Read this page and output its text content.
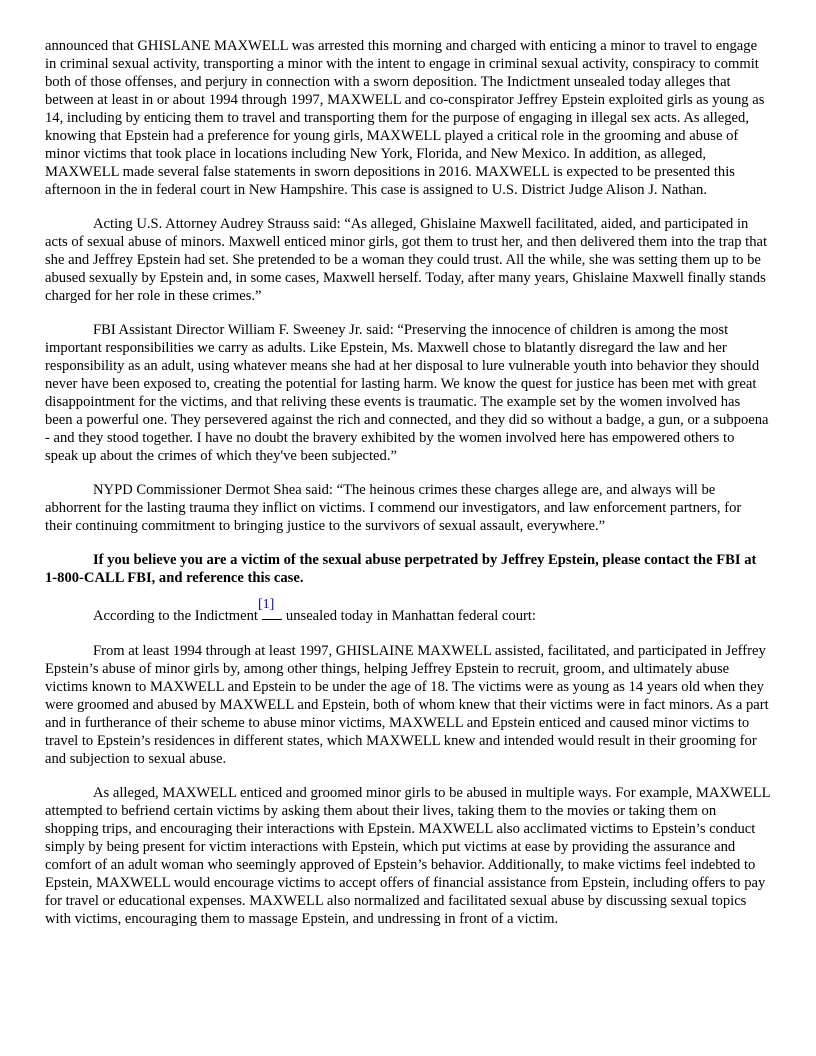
announced that GHISLANE MAXWELL was arrested this morning and charged with enticing a minor to travel to engage in criminal sexual activity, transporting a minor with the intent to engage in criminal sexual activity, conspiracy to commit both of those offenses, and perjury in connection with a sworn deposition. The Indictment unsealed today alleges that between at least in or about 1994 through 1997, MAXWELL and co-conspirator Jeffrey Epstein exploited girls as young as 14, including by enticing them to travel and transporting them for the purpose of engaging in illegal sex acts. As alleged, knowing that Epstein had a preference for young girls, MAXWELL played a critical role in the grooming and abuse of minor victims that took place in locations including New York, Florida, and New Mexico. In addition, as alleged, MAXWELL made several false statements in sworn depositions in 2016. MAXWELL is expected to be presented this afternoon in the in federal court in New Hampshire. This case is assigned to U.S. District Judge Alison J. Nathan.

Acting U.S. Attorney Audrey Strauss said: “As alleged, Ghislaine Maxwell facilitated, aided, and participated in acts of sexual abuse of minors. Maxwell enticed minor girls, got them to trust her, and then delivered them into the trap that she and Jeffrey Epstein had set. She pretended to be a woman they could trust. All the while, she was setting them up to be abused sexually by Epstein and, in some cases, Maxwell herself. Today, after many years, Ghislaine Maxwell finally stands charged for her role in these crimes.”

FBI Assistant Director William F. Sweeney Jr. said: “Preserving the innocence of children is among the most important responsibilities we carry as adults. Like Epstein, Ms. Maxwell chose to blatantly disregard the law and her responsibility as an adult, using whatever means she had at her disposal to lure vulnerable youth into behavior they should never have been exposed to, creating the potential for lasting harm. We know the quest for justice has been met with great disappointment for the victims, and that reliving these events is traumatic. The example set by the women involved has been a powerful one. They persevered against the rich and connected, and they did so without a badge, a gun, or a subpoena - and they stood together. I have no doubt the bravery exhibited by the women involved here has empowered others to speak up about the crimes of which they've been subjected.”

NYPD Commissioner Dermot Shea said: “The heinous crimes these charges allege are, and always will be abhorrent for the lasting trauma they inflict on victims. I commend our investigators, and law enforcement partners, for their continuing commitment to bringing justice to the survivors of sexual assault, everywhere.”

If you believe you are a victim of the sexual abuse perpetrated by Jeffrey Epstein, please contact the FBI at 1-800-CALL FBI, and reference this case.

According to the Indictment[1] unsealed today in Manhattan federal court:

From at least 1994 through at least 1997, GHISLAINE MAXWELL assisted, facilitated, and participated in Jeffrey Epstein’s abuse of minor girls by, among other things, helping Jeffrey Epstein to recruit, groom, and ultimately abuse victims known to MAXWELL and Epstein to be under the age of 18. The victims were as young as 14 years old when they were groomed and abused by MAXWELL and Epstein, both of whom knew that their victims were in fact minors. As a part and in furtherance of their scheme to abuse minor victims, MAXWELL and Epstein enticed and caused minor victims to travel to Epstein’s residences in different states, which MAXWELL knew and intended would result in their grooming for and subjection to sexual abuse.

As alleged, MAXWELL enticed and groomed minor girls to be abused in multiple ways. For example, MAXWELL attempted to befriend certain victims by asking them about their lives, taking them to the movies or taking them on shopping trips, and encouraging their interactions with Epstein. MAXWELL also acclimated victims to Epstein’s conduct simply by being present for victim interactions with Epstein, which put victims at ease by providing the assurance and comfort of an adult woman who seemingly approved of Epstein’s behavior. Additionally, to make victims feel indebted to Epstein, MAXWELL would encourage victims to accept offers of financial assistance from Epstein, including offers to pay for travel or educational expenses. MAXWELL also normalized and facilitated sexual abuse by discussing sexual topics with victims, encouraging them to massage Epstein, and undressing in front of a victim.
